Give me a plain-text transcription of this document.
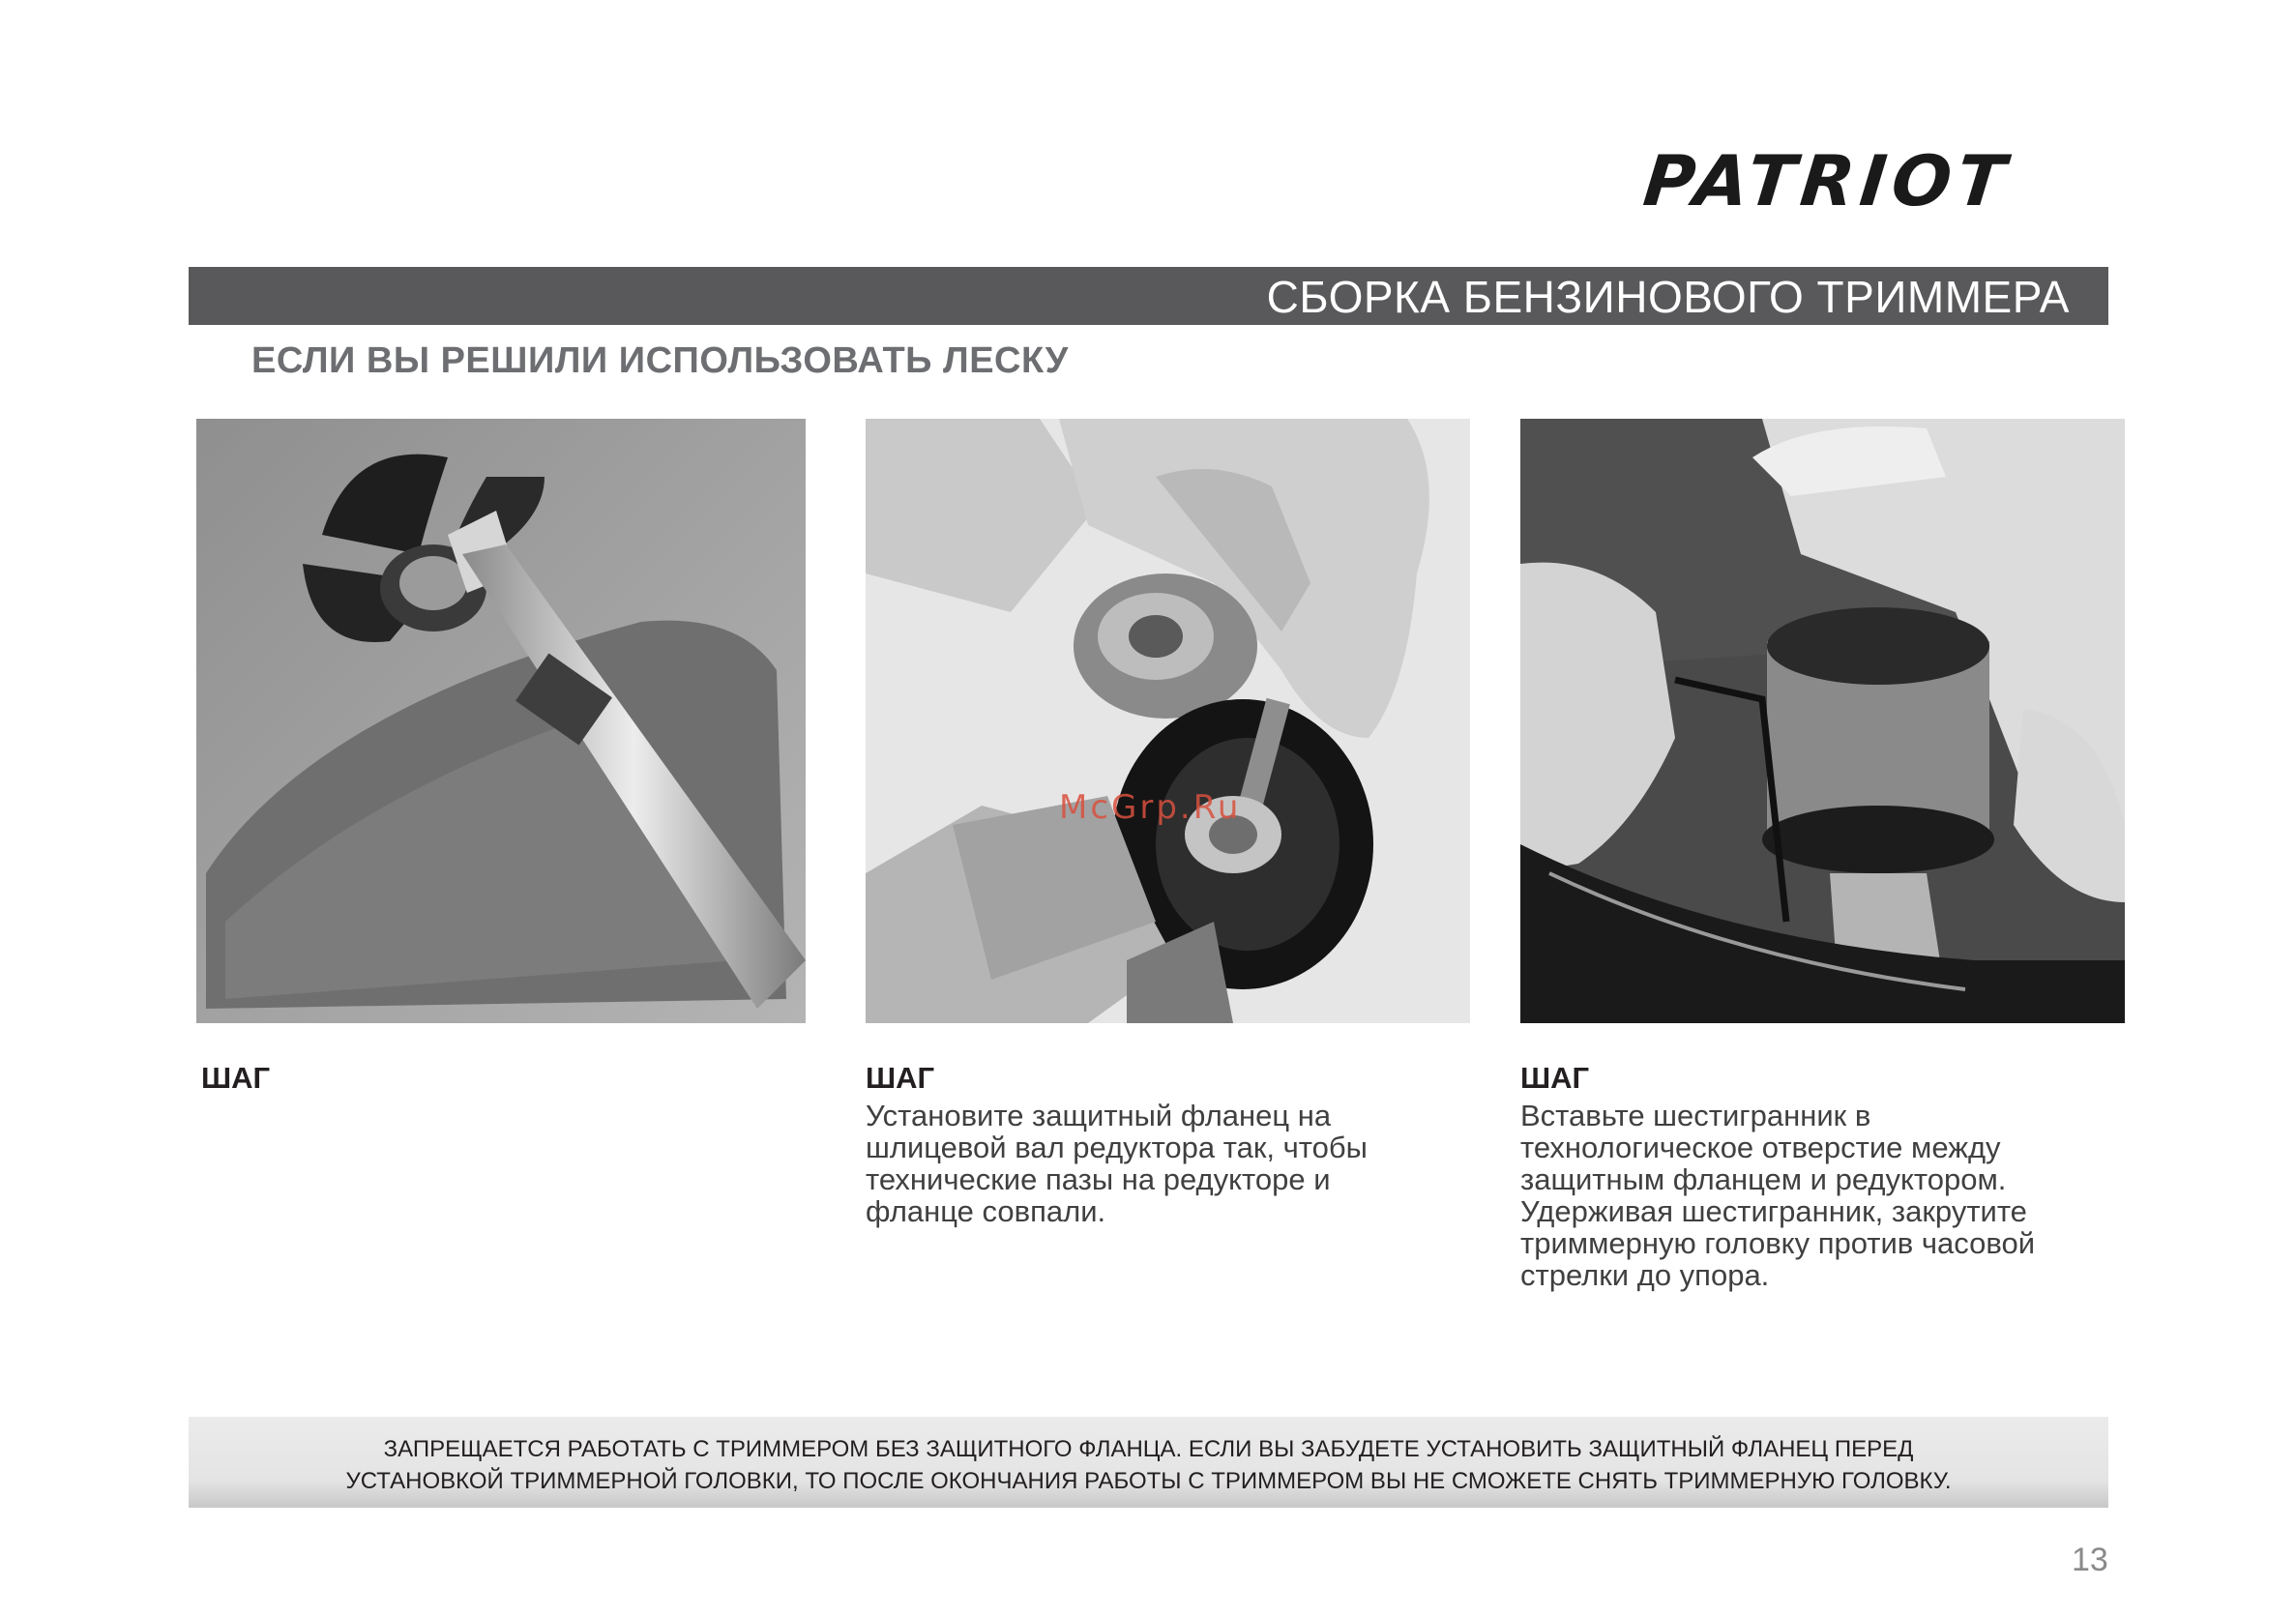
PATRIOT
СБОРКА БЕНЗИНОВОГО ТРИММЕРА
ЕСЛИ ВЫ РЕШИЛИ ИСПОЛЬЗОВАТЬ ЛЕСКУ
McGrp.Ru
ШАГ	ШАГ
Установите защитный фланец на
шлицевой вал редуктора так, чтобы
технические пазы на редукторе и
фланце совпали.
ШАГ
Вставьте шестигранник в
технологическое отверстие между
защитным фланцем и редуктором.
Удерживая шестигранник, закрутите
триммерную головку против часовой
стрелки до упора.
ЗАПРЕЩАЕТСЯ РАБОТАТЬ С ТРИММЕРОМ БЕЗ ЗАЩИТНОГО ФЛАНЦА. ЕСЛИ ВЫ ЗАБУДЕТЕ УСТАНОВИТЬ ЗАЩИТНЫЙ ФЛАНЕЦ ПЕРЕД
УСТАНОВКОЙ ТРИММЕРНОЙ ГОЛОВКИ, ТО ПОСЛЕ ОКОНЧАНИЯ РАБОТЫ С ТРИММЕРОМ ВЫ НЕ СМОЖЕТЕ СНЯТЬ ТРИММЕРНУЮ ГОЛОВКУ.
13
